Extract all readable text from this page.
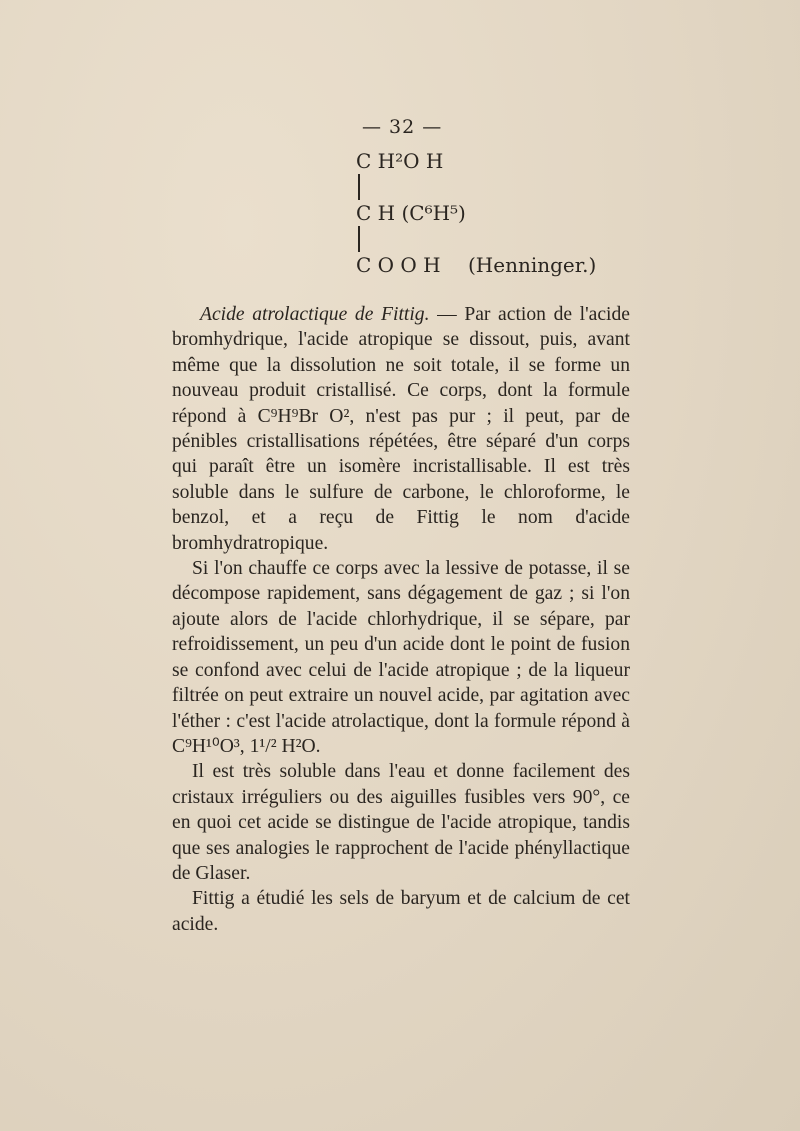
— 32 —
C H²O H
C H (C⁶H⁵)
C O O H (Henninger.)

Acide atrolactique de Fittig. — Par action de l'acide bromhydrique, l'acide atropique se dissout, puis, avant même que la dissolution ne soit totale, il se forme un nouveau produit cristallisé. Ce corps, dont la formule répond à C⁹H⁹Br O², n'est pas pur ; il peut, par de pénibles cristallisations répétées, être séparé d'un corps qui paraît être un isomère incristallisable. Il est très soluble dans le sulfure de carbone, le chloroforme, le benzol, et a reçu de Fittig le nom d'acide bromhydratropique.

Si l'on chauffe ce corps avec la lessive de potasse, il se décompose rapidement, sans dégagement de gaz ; si l'on ajoute alors de l'acide chlorhydrique, il se sépare, par refroidissement, un peu d'un acide dont le point de fusion se confond avec celui de l'acide atropique ; de la liqueur filtrée on peut extraire un nouvel acide, par agitation avec l'éther : c'est l'acide atrolactique, dont la formule répond à C⁹H¹⁰O³, 1¹/² H²O.

Il est très soluble dans l'eau et donne facilement des cristaux irréguliers ou des aiguilles fusibles vers 90°, ce en quoi cet acide se distingue de l'acide atropique, tandis que ses analogies le rapprochent de l'acide phényllactique de Glaser.

Fittig a étudié les sels de baryum et de calcium de cet acide.
